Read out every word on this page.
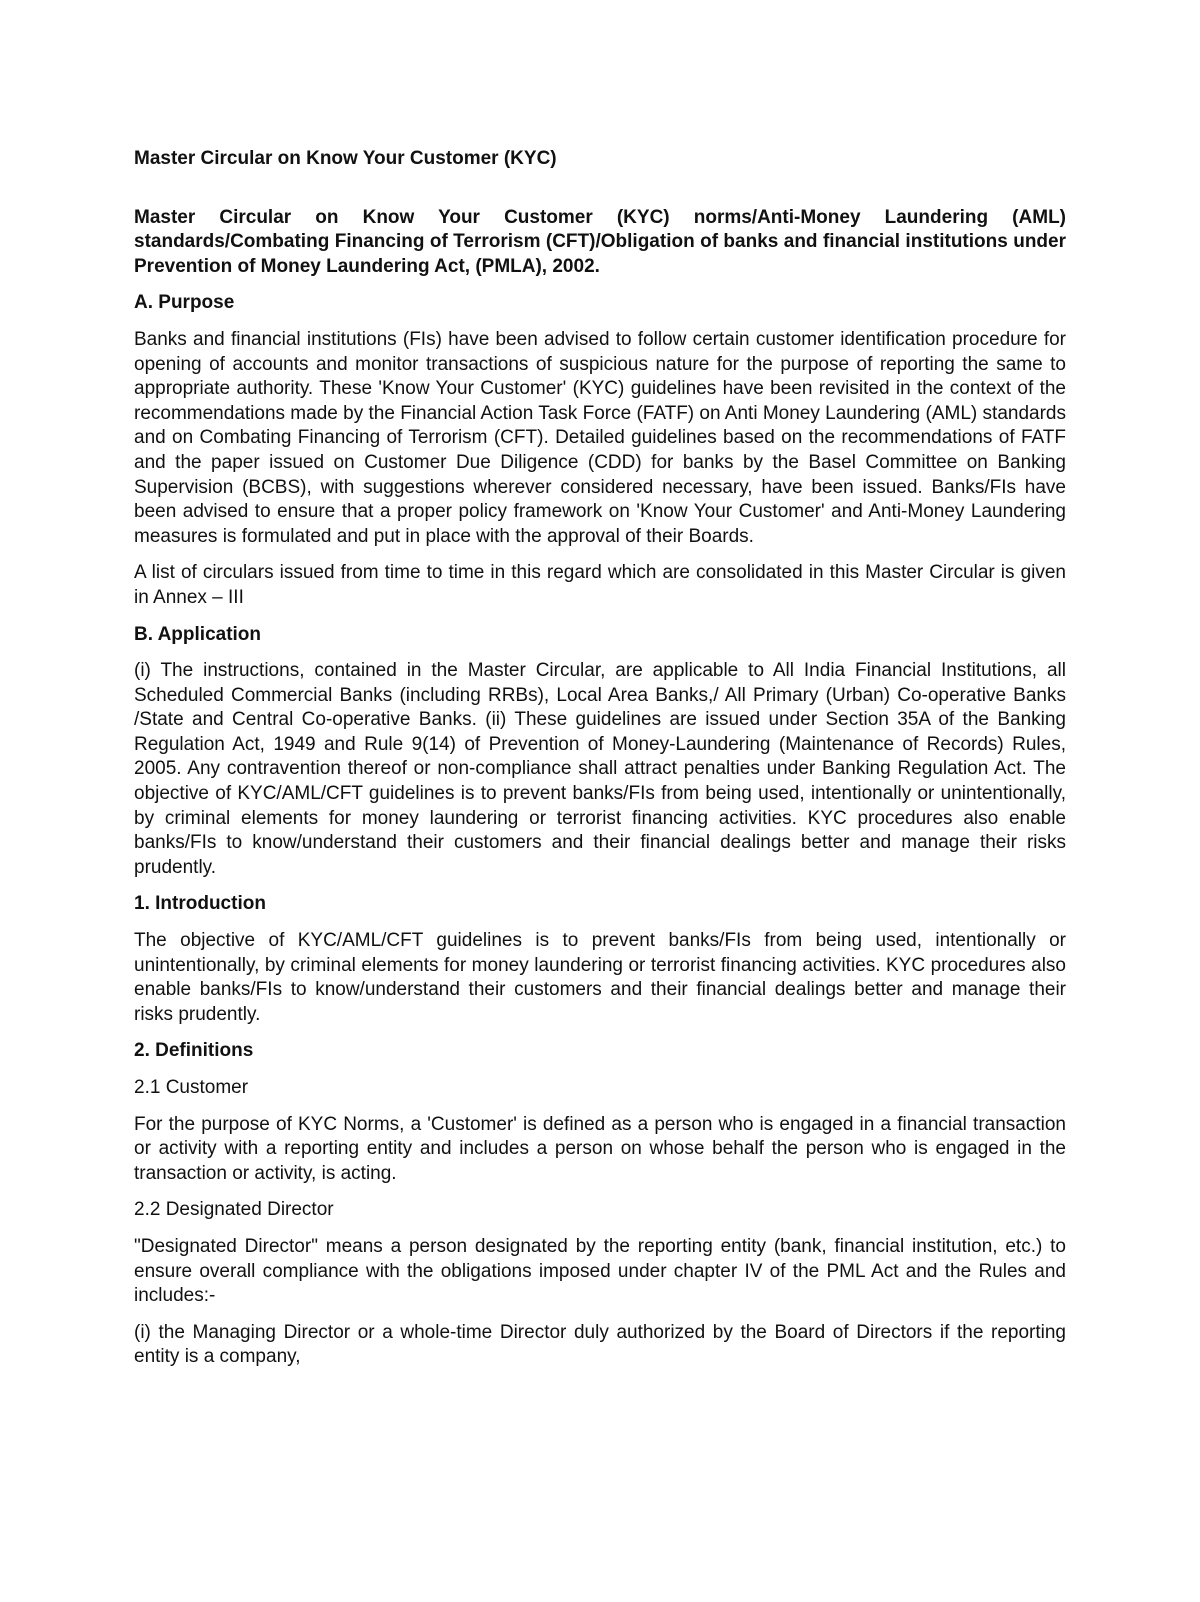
Master Circular on Know Your Customer (KYC)
Master Circular on Know Your Customer (KYC) norms/Anti-Money Laundering (AML) standards/Combating Financing of Terrorism (CFT)/Obligation of banks and financial institutions under Prevention of Money Laundering Act, (PMLA), 2002.
A. Purpose
Banks and financial institutions (FIs) have been advised to follow certain customer identification procedure for opening of accounts and monitor transactions of suspicious nature for the purpose of reporting the same to appropriate authority. These 'Know Your Customer' (KYC) guidelines have been revisited in the context of the recommendations made by the Financial Action Task Force (FATF) on Anti Money Laundering (AML) standards and on Combating Financing of Terrorism (CFT). Detailed guidelines based on the recommendations of FATF and the paper issued on Customer Due Diligence (CDD) for banks by the Basel Committee on Banking Supervision (BCBS), with suggestions wherever considered necessary, have been issued. Banks/FIs have been advised to ensure that a proper policy framework on 'Know Your Customer' and Anti-Money Laundering measures is formulated and put in place with the approval of their Boards.
A list of circulars issued from time to time in this regard which are consolidated in this Master Circular is given in Annex – III
B. Application
(i) The instructions, contained in the Master Circular, are applicable to All India Financial Institutions, all Scheduled Commercial Banks (including RRBs), Local Area Banks,/ All Primary (Urban) Co-operative Banks /State and Central Co-operative Banks. (ii) These guidelines are issued under Section 35A of the Banking Regulation Act, 1949 and Rule 9(14) of Prevention of Money-Laundering (Maintenance of Records) Rules, 2005. Any contravention thereof or non-compliance shall attract penalties under Banking Regulation Act. The objective of KYC/AML/CFT guidelines is to prevent banks/FIs from being used, intentionally or unintentionally, by criminal elements for money laundering or terrorist financing activities. KYC procedures also enable banks/FIs to know/understand their customers and their financial dealings better and manage their risks prudently.
1. Introduction
The objective of KYC/AML/CFT guidelines is to prevent banks/FIs from being used, intentionally or unintentionally, by criminal elements for money laundering or terrorist financing activities. KYC procedures also enable banks/FIs to know/understand their customers and their financial dealings better and manage their risks prudently.
2. Definitions
2.1 Customer
For the purpose of KYC Norms, a 'Customer' is defined as a person who is engaged in a financial transaction or activity with a reporting entity and includes a person on whose behalf the person who is engaged in the transaction or activity, is acting.
2.2 Designated Director
"Designated Director" means a person designated by the reporting entity (bank, financial institution, etc.) to ensure overall compliance with the obligations imposed under chapter IV of the PML Act and the Rules and includes:-
(i) the Managing Director or a whole-time Director duly authorized by the Board of Directors if the reporting entity is a company,
